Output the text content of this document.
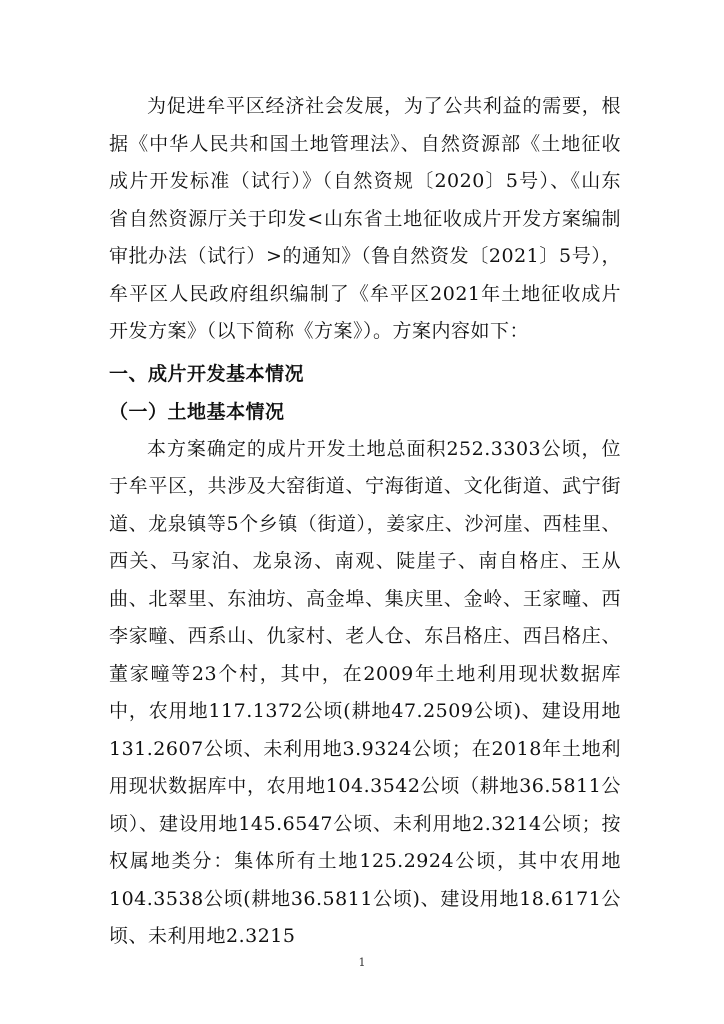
为促进牟平区经济社会发展，为了公共利益的需要，根据《中华人民共和国土地管理法》、自然资源部《土地征收成片开发标准（试行）》（自然资规〔2020〕5号）、《山东省自然资源厅关于印发<山东省土地征收成片开发方案编制审批办法（试行）>的通知》（鲁自然资发〔2021〕5号），牟平区人民政府组织编制了《牟平区2021年土地征收成片开发方案》（以下简称《方案》）。方案内容如下：

一、成片开发基本情况

（一）土地基本情况

本方案确定的成片开发土地总面积252.3303公顷，位于牟平区，共涉及大窑街道、宁海街道、文化街道、武宁街道、龙泉镇等5个乡镇（街道），姜家庄、沙河崖、西桂里、西关、马家泊、龙泉汤、南观、陡崖子、南自格庄、王从曲、北翠里、东油坊、高金埠、集庆里、金岭、王家疃、西李家疃、西系山、仇家村、老人仓、东吕格庄、西吕格庄、董家疃等23个村，其中，在2009年土地利用现状数据库中，农用地117.1372公顷(耕地47.2509公顷)、建设用地131.2607公顷、未利用地3.9324公顷；在2018年土地利用现状数据库中，农用地104.3542公顷（耕地36.5811公顷）、建设用地145.6547公顷、未利用地2.3214公顷；按权属地类分：集体所有土地125.2924公顷，其中农用地104.3538公顷(耕地36.5811公顷)、建设用地18.6171公顷、未利用地2.3215

1
